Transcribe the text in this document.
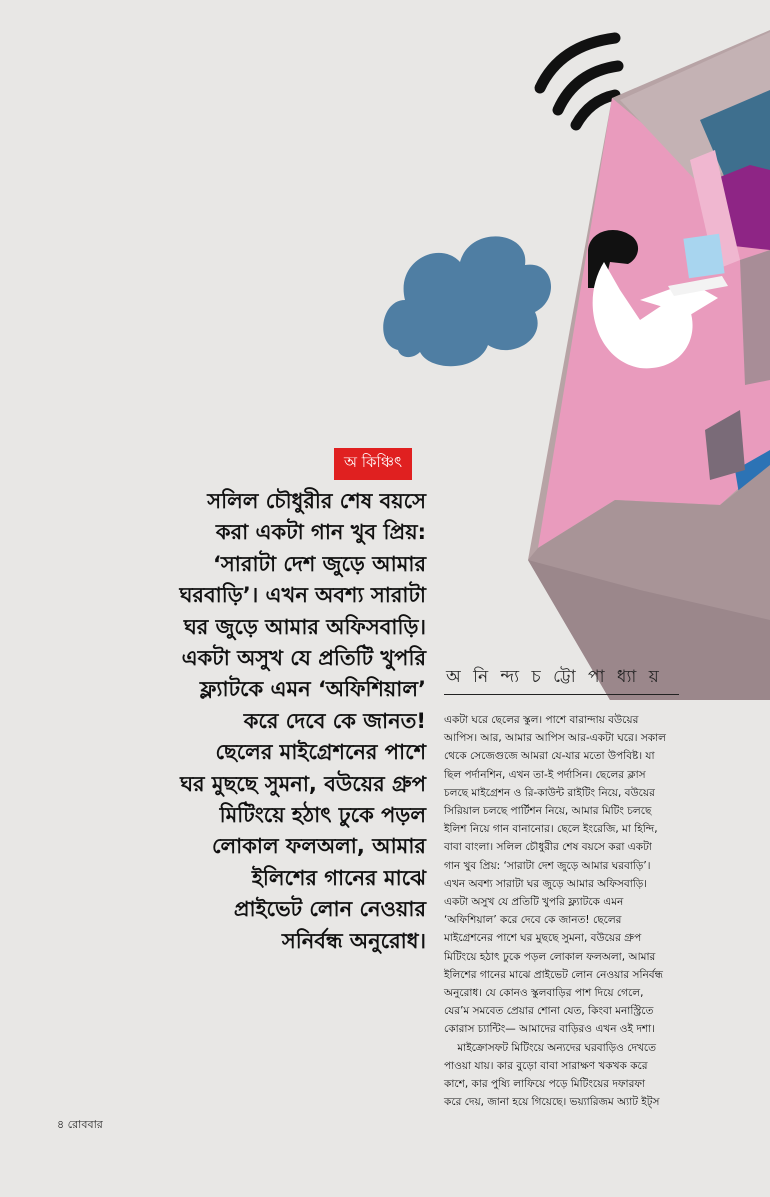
অ কিঞ্চিৎ
সলিল চৌধুরীর শেষ বয়সে
করা একটা গান খুব প্রিয়:
‘সারাটা দেশ জুড়ে আমার
ঘরবাড়ি’। এখন অবশ্য সারাটা
ঘর জুড়ে আমার অফিসবাড়ি।
একটা অসুখ যে প্রতিটি খুপরি
ফ্ল্যাটকে এমন ‘অফিশিয়াল’
করে দেবে কে জানত!
ছেলের মাইগ্রেশনের পাশে
ঘর মুছছে সুমনা, বউয়ের গ্রুপ
মিটিংয়ে হঠাৎ ঢুকে পড়ল
লোকাল ফলঅলা, আমার
ইলিশের গানের মাঝে
প্রাইভেট লোন নেওয়ার
সনির্বন্ধ অনুরোধ।
অ নি ন্দ্য চ ট্টো পা ধ্যা য়
একটা ঘরে ছেলের স্কুল। পাশে বারান্দায় বউয়ের
আপিস। আর, আমার আপিস আর-একটা ঘরে। সকাল
থেকে সেজেগুজে আমরা যে-যার মতো উপবিষ্ট। যা
ছিল পর্দানশিন, এখন তা-ই পর্দাসিন। ছেলের ক্লাস
চলছে মাইগ্রেশন ও রি-কাউন্ট রাইটিং নিয়ে, বউয়ের
সিরিয়াল চলছে পার্টিশন নিয়ে, আমার মিটিং চলছে
ইলিশ নিয়ে গান বানানোর। ছেলে ইংরেজি, মা হিন্দি,
বাবা বাংলা। সলিল চৌধুরীর শেষ বয়সে করা একটা
গান খুব প্রিয়: ‘সারাটা দেশ জুড়ে আমার ঘরবাড়ি’।
এখন অবশ্য সারাটা ঘর জুড়ে আমার অফিসবাড়ি।
একটা অসুখ যে প্রতিটি খুপরি ফ্ল্যাটকে এমন
‘অফিশিয়াল’ করে দেবে কে জানত! ছেলের
মাইগ্রেশনের পাশে ঘর মুছছে সুমনা, বউয়ের গ্রুপ
মিটিংয়ে হঠাৎ ঢুকে পড়ল লোকাল ফলঅলা, আমার
ইলিশের গানের মাঝে প্রাইভেট লোন নেওয়ার সনির্বন্ধ
অনুরোধ। যে কোনও স্কুলবাড়ির পাশ দিয়ে গেলে,
যের’ম সমবেত প্রেয়ার শোনা যেত, কিংবা মনাস্ট্রিতে
কোরাস চ্যান্টিং— আমাদের বাড়িরও এখন ওই দশা।
মাইক্রোসফট মিটিংয়ে অন্যদের ঘরবাড়িও দেখতে
পাওয়া যায়। কার বুড়ো বাবা সারাক্ষণ খকখক করে
কাশে, কার পুষ্যি লাফিয়ে পড়ে মিটিংয়ের দফারফা
করে দেয়, জানা হয়ে গিয়েছে। ভয়্যারিজম অ্যাট ইট্স
৪ রোববার
